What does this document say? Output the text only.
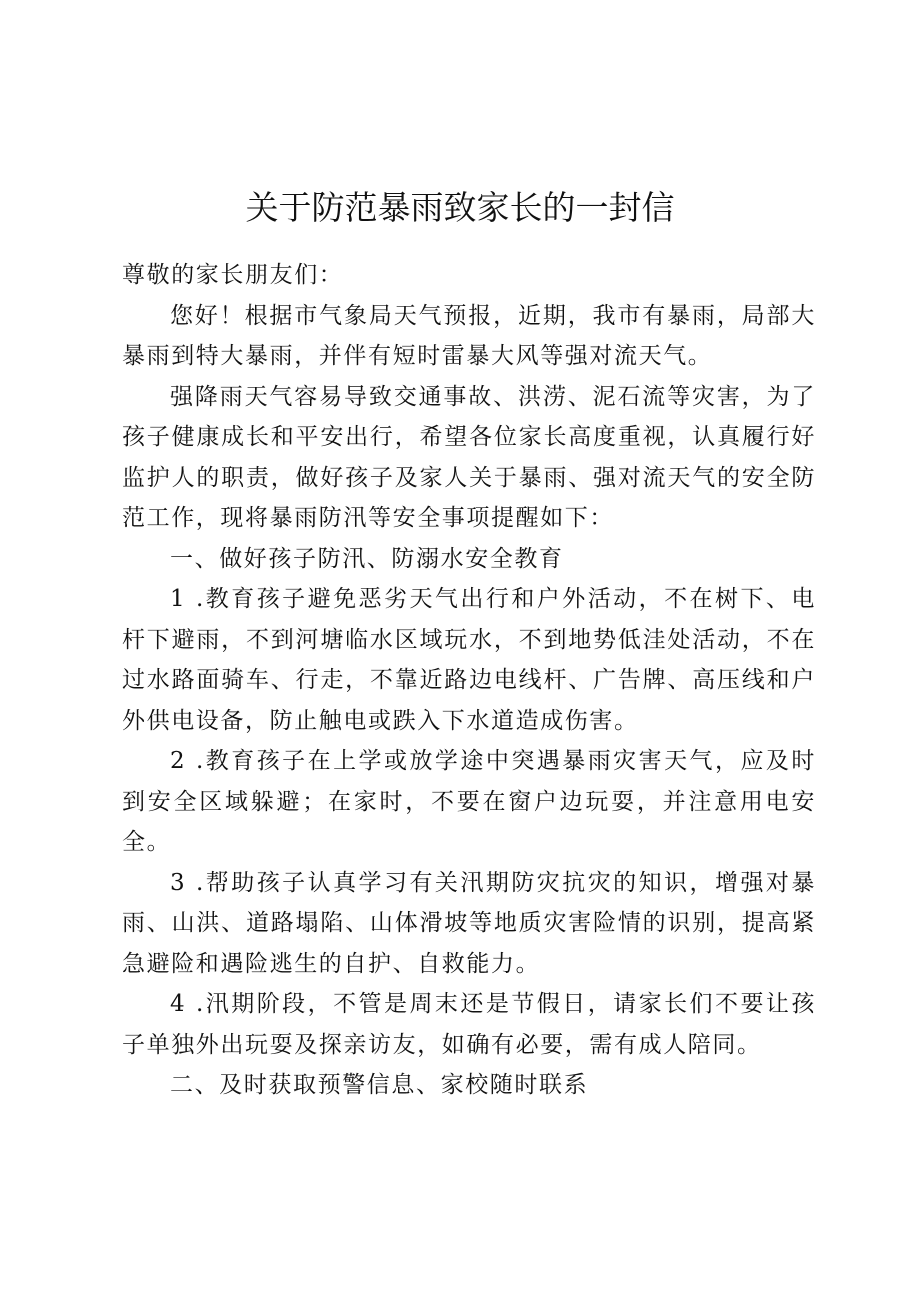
关于防范暴雨致家长的一封信

尊敬的家长朋友们：

您好！根据市气象局天气预报，近期，我市有暴雨，局部大暴雨到特大暴雨，并伴有短时雷暴大风等强对流天气。

强降雨天气容易导致交通事故、洪涝、泥石流等灾害，为了孩子健康成长和平安出行，希望各位家长高度重视，认真履行好监护人的职责，做好孩子及家人关于暴雨、强对流天气的安全防范工作，现将暴雨防汛等安全事项提醒如下：

一、做好孩子防汛、防溺水安全教育

1 .教育孩子避免恶劣天气出行和户外活动，不在树下、电杆下避雨，不到河塘临水区域玩水，不到地势低洼处活动，不在过水路面骑车、行走，不靠近路边电线杆、广告牌、高压线和户外供电设备，防止触电或跌入下水道造成伤害。

2 .教育孩子在上学或放学途中突遇暴雨灾害天气，应及时到安全区域躲避；在家时，不要在窗户边玩耍，并注意用电安全。

3 .帮助孩子认真学习有关汛期防灾抗灾的知识，增强对暴雨、山洪、道路塌陷、山体滑坡等地质灾害险情的识别，提高紧急避险和遇险逃生的自护、自救能力。

4 .汛期阶段，不管是周末还是节假日，请家长们不要让孩子单独外出玩耍及探亲访友，如确有必要，需有成人陪同。

二、及时获取预警信息、家校随时联系
